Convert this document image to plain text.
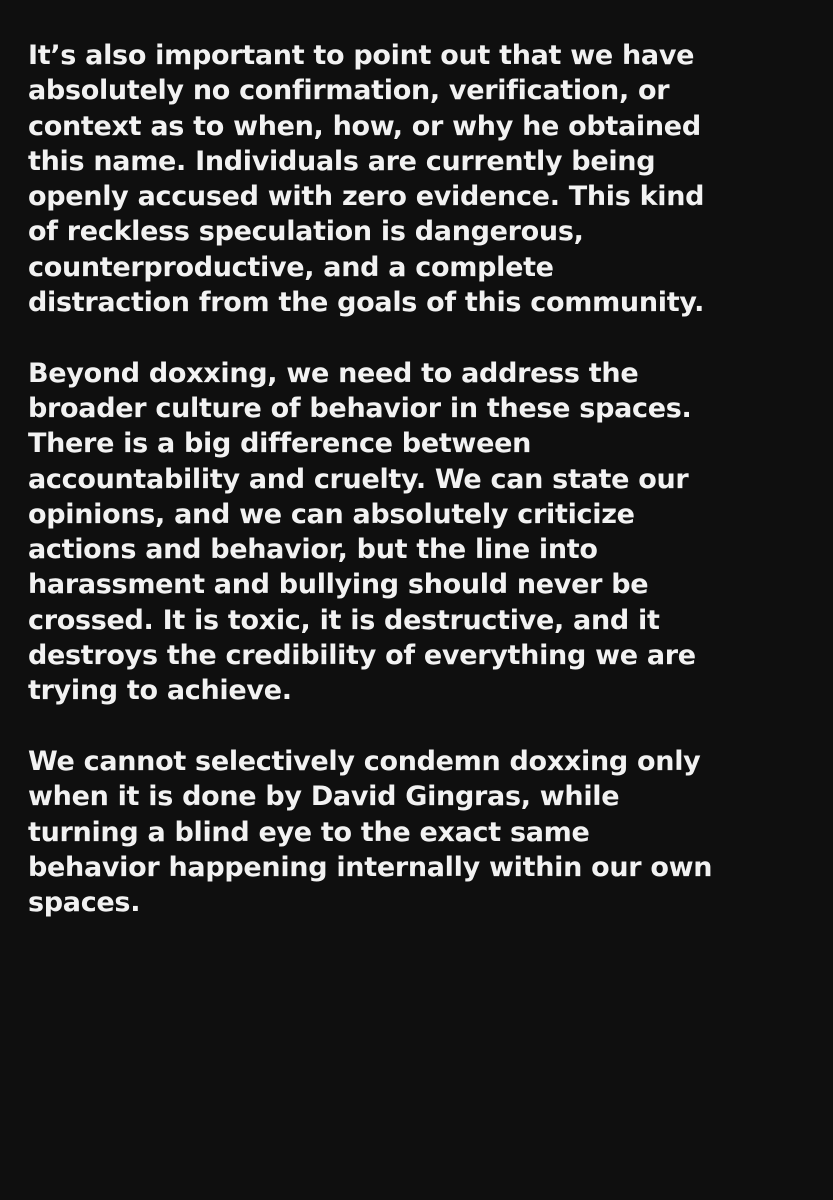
It’s also important to point out that we have
absolutely no confirmation, verification, or
context as to when, how, or why he obtained
this name. Individuals are currently being
openly accused with zero evidence. This kind
of reckless speculation is dangerous,
counterproductive, and a complete
distraction from the goals of this community.

Beyond doxxing, we need to address the
broader culture of behavior in these spaces.
There is a big difference between
accountability and cruelty. We can state our
opinions, and we can absolutely criticize
actions and behavior, but the line into
harassment and bullying should never be
crossed. It is toxic, it is destructive, and it
destroys the credibility of everything we are
trying to achieve.

We cannot selectively condemn doxxing only
when it is done by David Gingras, while
turning a blind eye to the exact same
behavior happening internally within our own
spaces.
